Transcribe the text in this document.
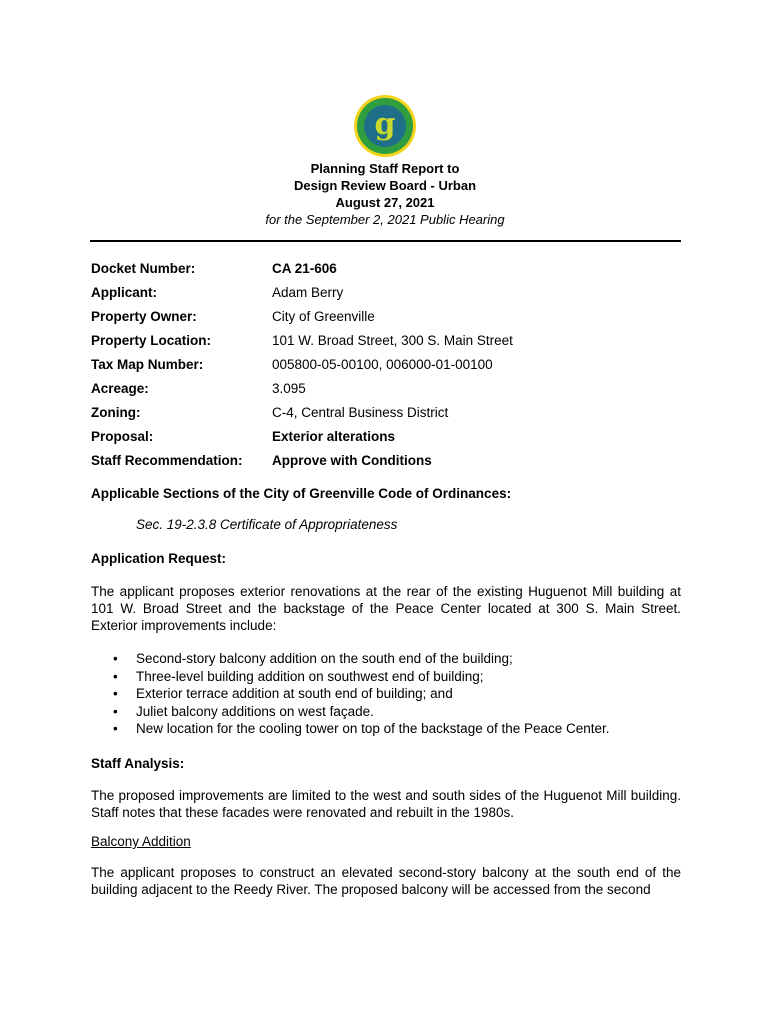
g
Planning Staff Report to
Design Review Board - Urban
August 27, 2021
for the September 2, 2021 Public Hearing
Docket Number:	CA 21-606
Applicant:	Adam Berry
Property Owner:	City of Greenville
Property Location:	101 W. Broad Street, 300 S. Main Street
Tax Map Number:	005800-05-00100, 006000-01-00100
Acreage:	3.095
Zoning:	C-4, Central Business District
Proposal:	Exterior alterations
Staff Recommendation: Approve with Conditions
Applicable Sections of the City of Greenville Code of Ordinances:
Sec. 19-2.3.8 Certificate of Appropriateness
Application Request:
The applicant proposes exterior renovations at the rear of the existing Huguenot Mill building at 101 W. Broad Street and the backstage of the Peace Center located at 300 S. Main Street. Exterior improvements include:
• Second-story balcony addition on the south end of the building;
• Three-level building addition on southwest end of building;
• Exterior terrace addition at south end of building; and
• Juliet balcony additions on west façade.
• New location for the cooling tower on top of the backstage of the Peace Center.
Staff Analysis:
The proposed improvements are limited to the west and south sides of the Huguenot Mill building. Staff notes that these facades were renovated and rebuilt in the 1980s.
Balcony Addition
The applicant proposes to construct an elevated second-story balcony at the south end of the building adjacent to the Reedy River. The proposed balcony will be accessed from the second
